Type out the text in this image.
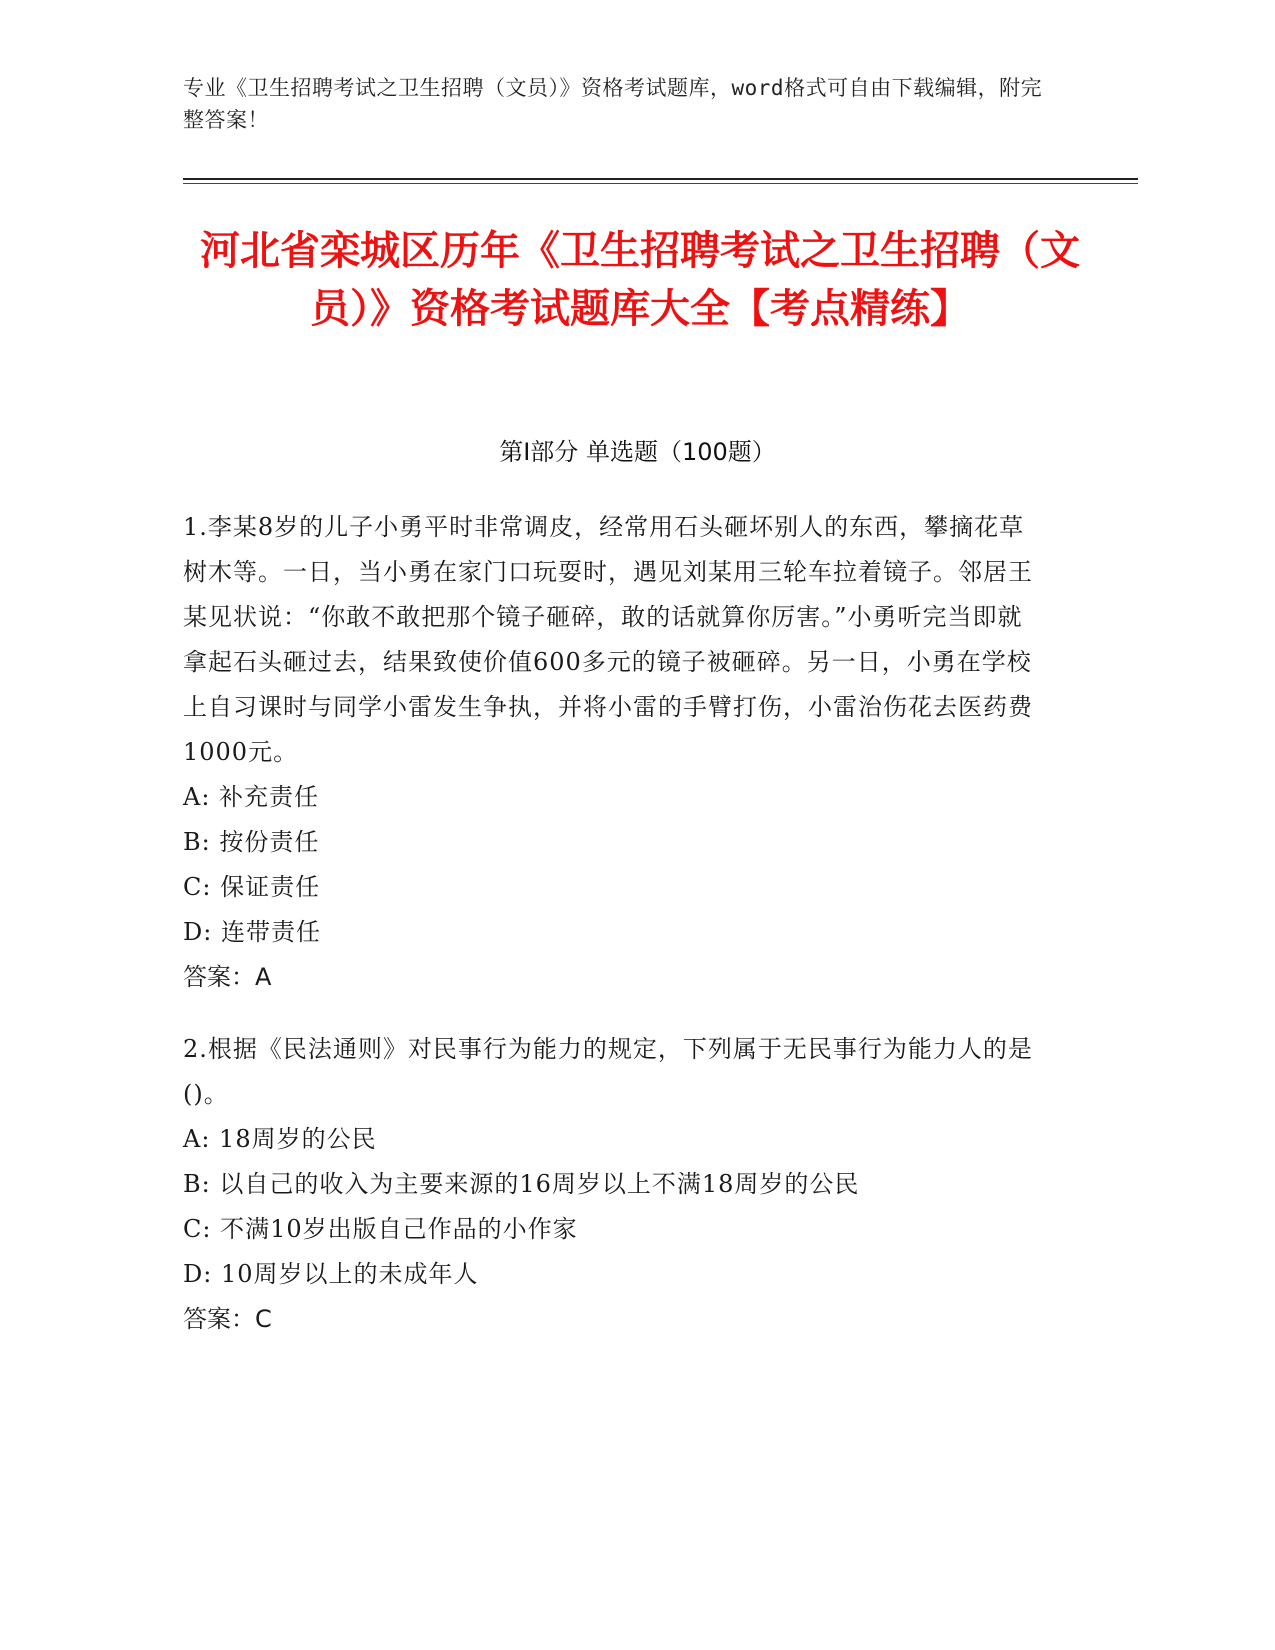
专业《卫生招聘考试之卫生招聘（文员）》资格考试题库，word格式可自由下载编辑，附完整答案！
河北省栾城区历年《卫生招聘考试之卫生招聘（文员）》资格考试题库大全【考点精练】
第I部分 单选题（100题）
1.李某8岁的儿子小勇平时非常调皮，经常用石头砸坏别人的东西，攀摘花草树木等。一日，当小勇在家门口玩耍时，遇见刘某用三轮车拉着镜子。邻居王某见状说：“你敢不敢把那个镜子砸碎，敢的话就算你厉害。”小勇听完当即就拿起石头砸过去，结果致使价值600多元的镜子被砸碎。另一日，小勇在学校上自习课时与同学小雷发生争执，并将小雷的手臂打伤，小雷治伤花去医药费1000元。
A: 补充责任
B: 按份责任
C: 保证责任
D: 连带责任
答案：A
2.根据《民法通则》对民事行为能力的规定，下列属于无民事行为能力人的是()。
A: 18周岁的公民
B: 以自己的收入为主要来源的16周岁以上不满18周岁的公民
C: 不满10岁出版自己作品的小作家
D: 10周岁以上的未成年人
答案：C
